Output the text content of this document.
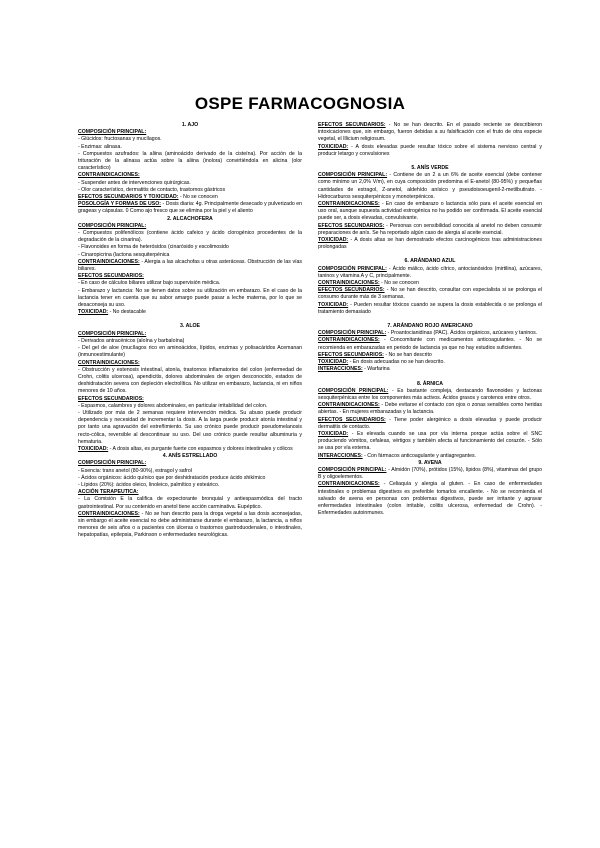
OSPE FARMACOGNOSIA
1. AJO
COMPOSICIÓN PRINCIPAL:
- Glúcidos: fructosanas y mucílagos.
- Enzimas: alinasa.
- Compuestos azufrados: la aliina (aminoácido derivado de la cisteína). Por acción de la trituración de la alinasa actúa sobre la aliina (inolora) convirtiéndola en alicina (olor característico)
CONTRAINDICACIONES:
- Suspender antes de intervenciones quirúrgicas.
- Olor característico, dermatitis de contacto, trastornos gástricos
EFECTOS SECUNDARIOS Y TOXICIDAD: - No se conocen
POSOLOGÍA Y FORMAS DE USO: - Dosis diaria: 4g. Principalmente desecado y pulverizado en grageas y cápsulas. 0 Como ajo fresco que se elimina por la piel y el aliento
2. ALCACHOFERA
COMPOSICIÓN PRINCIPAL:
- Compuestos polifenólicos (contiene ácido cafeico y ácido clorogénico procedentes de la degradación de la cinarina).
- Flavonoides en forma de heterósidos (cinarósido y escolimosido
- Cinaropicrina (lactona sesquiterpénica
CONTRAINDICACIONES: - Alergia a las alcachofas u otras asteráceas. Obstrucción de las vías biliares.
EFECTOS SECUNDARIOS:
- En caso de cálculos biliares utilizar bajo supervisión médica.
- Embarazo y lactancia: No se tienen datos sobre su utilización en embarazo. En el caso de la lactancia tener en cuenta que su sabor amargo puede pasar a leche materna, por lo que se desaconseja su uso.
TOXICIDAD: - No destacable
3. ALOE
COMPOSICIÓN PRINCIPAL:
- Derivados antracénicos (aloína y barbaloína)
- Del gel de aloe (mucílagos rico en aminoácidos, lípidos, enzimas y polisacáridos Acemanan (inmunoestimulante)
CONTRAINDICACIONES:
- Obstrucción y estenosis intestinal, atonía, trastornos inflamatorios del colon (enfermedad de Crohn, colitis ulcerosa), apendicitis, dolores abdominales de origen desconocido, estados de deshidratación severa con depleción electrolítica. No utilizar en embarazo, lactancia, ni en niños menores de 10 años.
EFECTOS SECUNDARIOS:
- Espasmos, calambres y dolores abdominales, en particular irritabilidad del colon.
- Utilizado por más de 2 semanas requiere intervención médica. Su abuso puede producir dependencia y necesidad de incrementar la dosis. A la larga puede producir atonía intestinal y por tanto una agravación del estreñimiento. Su uso crónico puede producir pseudomelanosis recto-cólica, reversible al descontinuar su uso. Del uso crónico puede resultar albuminuria y hematuria.
TOXICIDAD: - A dosis altas, es purgante fuerte con espasmos y dolores intestinales y cólicos
4. ANÍS ESTRELLADO
COMPOSICIÓN PRINCIPAL:
- Esencia: trans anetol (80-90%), estragol y safrol
- Ácidos orgánicos: ácido quínico que por deshidratación produce ácido shikímico
- Lípidos (20%): ácidos oleico, linoleico, palmítico y esteárico.
ACCIÓN TERAPEUTICA:
- La Comisión E la califica de expectorante bronquial y antiespasmódica del tracto gastrointestinal. Por su contenido en anetol tiene acción carminativa. Eupéptico.
CONTRAINDICACIONES: - No se han descrito para la droga vegetal a las dosis aconsejadas, sin embargo el aceite esencial no debe administrarse durante el embarazo, la lactancia, a niños menores de seis años o a pacientes con úlceras o trastornos gastroduodenales, o intestinales, hepatopatías, epilepsia, Parkinson o enfermedades neurológicas.
EFECTOS SECUNDARIOS: - No se han descrito. En el pasado reciente se describieron intoxicaciones que, sin embargo, fueron debidas a su falsificación con el fruto de otra especie vegetal, el Illicium religiosum.
TOXICIDAD: - A dosis elevadas puede resultar tóxico sobre el sistema nervioso central y producir letargo y convulsiones
5. ANÍS VERDE
COMPOSICIÓN PRINCIPAL: - Contiene de un 2 a un 6% de aceite esencial (debe contener como mínimo un 2,0% V/m), en cuya composición predomina el E-anetol (80-95%) y pequeñas cantidades de estragol, Z-anetol, aldehído anísico y pseudoisoeugenil-2-metilbutirato. - Hidrocarburos sesquiterpénicos y monoterpénicos.
CONTRAINDICACIONES: - En caso de embarazo o lactancia sólo para el aceite esencial en uso oral, aunque supuesta actividad estrogénica no ha podido ser confirmada. El aceite esencial puede ser, a dosis elevadas, convulsivante.
EFECTOS SECUNDARIOS: - Personas con sensibilidad conocida al anetol no deben consumir preparaciones de anís. Se ha reportado algún caso de alergia al aceite esencial.
TOXICIDAD: - A dosis altas se han demostrado efectos carcinogénicos tras administraciones prolongadas
6. ARÁNDANO AZUL
COMPOSICIÓN PRINCIPAL: - Ácido málico, ácido cítrico, antocianósidos (mirtilina), azúcares, taninos y vitamina A y C, principalmente.
CONTRAINDICACIONES: - No se conocen
EFECTOS SECUNDARIOS: - No se han descrito, consultar con especialista si se prolonga el consumo durante más de 3 semanas.
TOXICIDAD: - Pueden resultar tóxicos cuando se supera la dosis establecida o se prolonga el tratamiento demasiado
7. ARÁNDANO ROJO AMERICANO
COMPOSICIÓN PRINCIPAL: - Proantocianidinas (PAC). Ácidos orgánicos, azúcares y taninos.
CONTRAINDICACIONES: - Concomitante con medicamentos anticoagulantes. - No se recomienda en embarazadas en periodo de lactancia ya que no hay estudios suficientes.
EFECTOS SECUNDARIOS: - No se han descrito
TOXICIDAD: - En dosis adecuadas no se han descrito.
INTERACCIONES: - Warfarina
8. ÁRNICA
COMPOSICIÓN PRINCIPAL: - Es bastante compleja, destacando flavonoides y lactonas sesquiterpénicas entre los componentes más activos. Ácidos grasos y carotenos entre otros.
CONTRAINDICACIONES: - Debe evitarse el contacto con ojos o zonas sensibles como heridas abiertas. - En mujeres embarazadas y la lactancia.
EFECTOS SECUNDARIOS: - Tiene poder alergénico a dosis elevadas y puede producir dermatitis de contacto.
TOXICIDAD: - Es elevada cuando se usa por vía interna porque actúa sobre el SNC produciendo vómitos, cefaleas, vértigos y también afecta al funcionamiento del corazón. - Sólo se usa por vía externa.
INTERACCIONES: - Con fármacos anticoagulante y antiagregantes.
9. AVENA
COMPOSICIÓN PRINCIPAL: - Almidón (70%), prótidos (15%), lípidos (8%), vitaminas del grupo B y oligoelementos.
CONTRAINDICACIONES: - Celiaquía y alergia al gluten. - En caso de enfermedades intestinales o problemas digestivos es preferible tomarlos encallente. - No se recomienda el salvado de avena en personas con problemas digestivos, puede ser irritante y agravar enfermedades intestinales (colon irritable, colitis ulcerosa, enfermedad de Crohn). - Enfermedades autoinmunes.
